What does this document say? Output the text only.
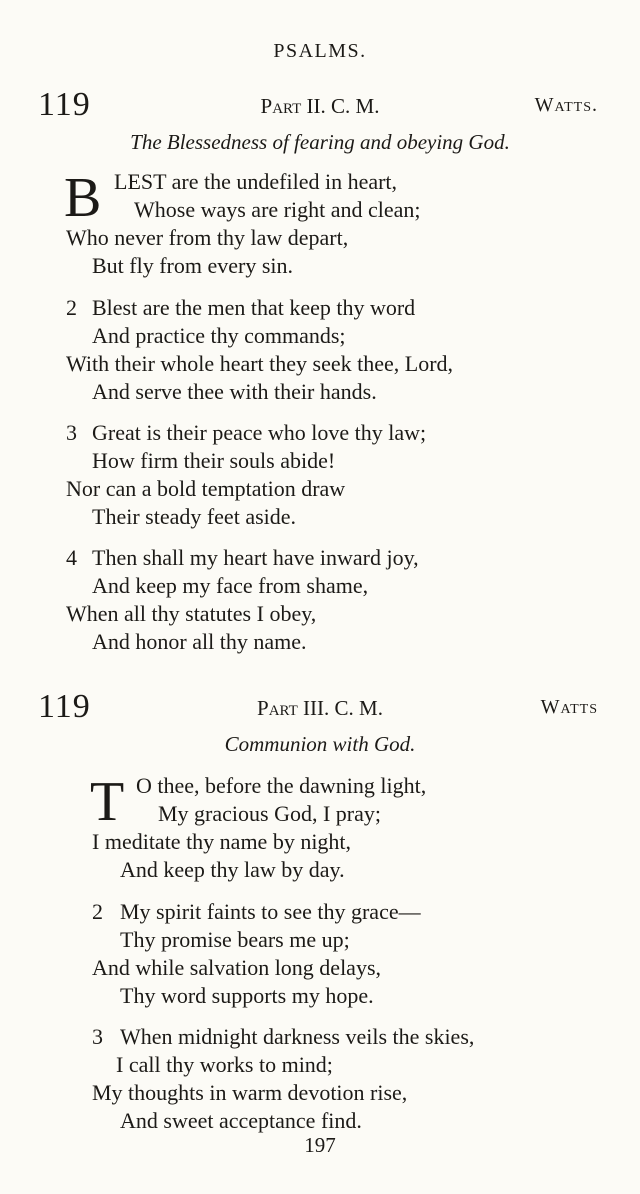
PSALMS.
119	Part II. C. M.	Watts.
The Blessedness of fearing and obeying God.
B LEST are the undefiled in heart,
Whose ways are right and clean;
Who never from thy law depart,
But fly from every sin.
2 Blest are the men that keep thy word
And practice thy commands;
With their whole heart they seek thee, Lord,
And serve thee with their hands.
3 Great is their peace who love thy law;
How firm their souls abide!
Nor can a bold temptation draw
Their steady feet aside.
4 Then shall my heart have inward joy,
And keep my face from shame,
When all thy statutes I obey,
And honor all thy name.
119	Part III. C. M.	Watts
Communion with God.
T O thee, before the dawning light,
My gracious God, I pray;
I meditate thy name by night,
And keep thy law by day.
2 My spirit faints to see thy grace—
Thy promise bears me up;
And while salvation long delays,
Thy word supports my hope.
3 When midnight darkness veils the skies,
I call thy works to mind;
My thoughts in warm devotion rise,
And sweet acceptance find.
197
